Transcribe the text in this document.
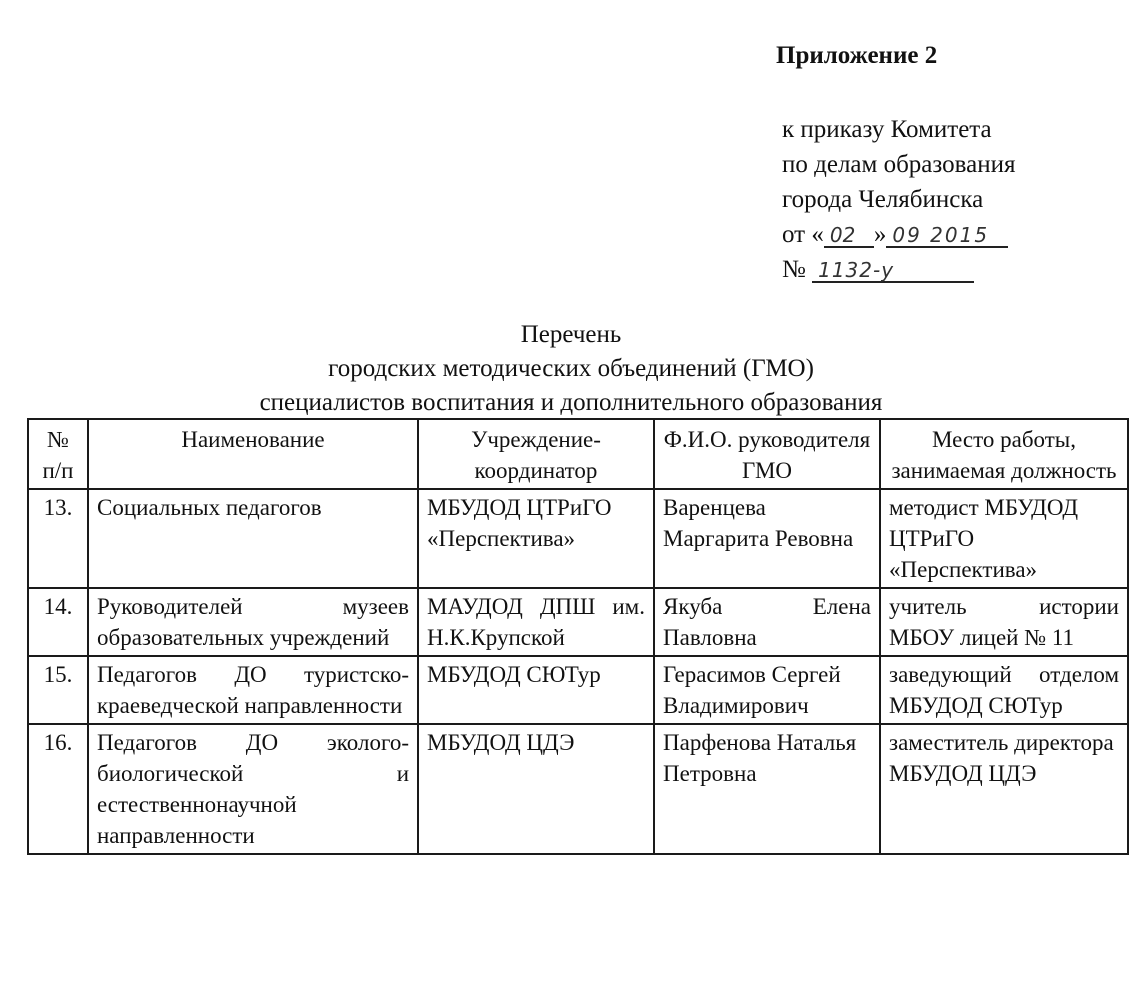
Приложение 2
к приказу Комитета
по делам образования
города Челябинска
от « 02 » 09 2015
№ 1132-у
Перечень
городских методических объединений (ГМО)
специалистов воспитания и дополнительного образования
№ п/п	Наименование	Учреждение-координатор	Ф.И.О. руководителя ГМО	Место работы, занимаемая должность
13.	Социальных педагогов	МБУДОД ЦТРиГО «Перспектива»	Варенцева Маргарита Ревовна	методист МБУДОД ЦТРиГО «Перспектива»
14.	Руководителей музеев образовательных учреждений	МАУДОД ДПШ им. Н.К.Крупской	Якуба Елена Павловна	учитель истории МБОУ лицей № 11
15.	Педагогов ДО туристско-краеведческой направленности	МБУДОД СЮТур	Герасимов Сергей Владимирович	заведующий отделом МБУДОД СЮТур
16.	Педагогов ДО эколого-биологической и естественнонаучной направленности	МБУДОД ЦДЭ	Парфенова Наталья Петровна	заместитель директора МБУДОД ЦДЭ
